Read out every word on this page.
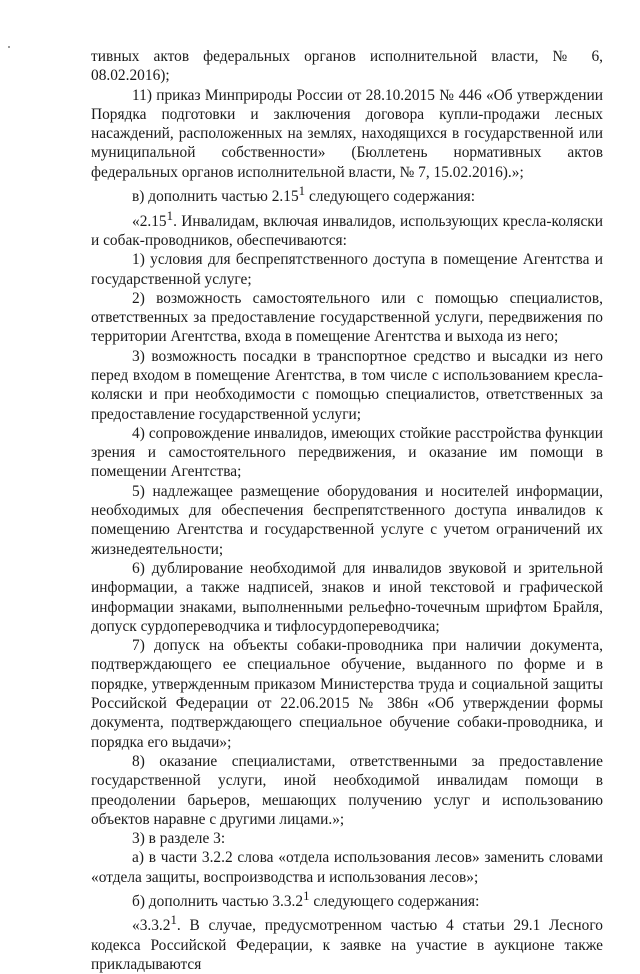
тивных актов федеральных органов исполнительной власти, № 6, 08.02.2016);

11) приказ Минприроды России от 28.10.2015 № 446 «Об утверждении Порядка подготовки и заключения договора купли-продажи лесных насаждений, расположенных на землях, находящихся в государственной или муниципальной собственности» (Бюллетень нормативных актов федеральных органов исполнительной власти, № 7, 15.02.2016).»;

в) дополнить частью 2.15$^1$ следующего содержания:

«2.15$^1$. Инвалидам, включая инвалидов, использующих кресла-коляски и собак-проводников, обеспечиваются:

1) условия для беспрепятственного доступа в помещение Агентства и государственной услуге;

2) возможность самостоятельного или с помощью специалистов, ответственных за предоставление государственной услуги, передвижения по территории Агентства, входа в помещение Агентства и выхода из него;

3) возможность посадки в транспортное средство и высадки из него перед входом в помещение Агентства, в том числе с использованием кресла-коляски и при необходимости с помощью специалистов, ответственных за предоставление государственной услуги;

4) сопровождение инвалидов, имеющих стойкие расстройства функции зрения и самостоятельного передвижения, и оказание им помощи в помещении Агентства;

5) надлежащее размещение оборудования и носителей информации, необходимых для обеспечения беспрепятственного доступа инвалидов к помещению Агентства и государственной услуге с учетом ограничений их жизнедеятельности;

6) дублирование необходимой для инвалидов звуковой и зрительной информации, а также надписей, знаков и иной текстовой и графической информации знаками, выполненными рельефно-точечным шрифтом Брайля, допуск сурдопереводчика и тифлосурдопереводчика;

7) допуск на объекты собаки-проводника при наличии документа, подтверждающего ее специальное обучение, выданного по форме и в порядке, утвержденным приказом Министерства труда и социальной защиты Российской Федерации от 22.06.2015 № 386н «Об утверждении формы документа, подтверждающего специальное обучение собаки-проводника, и порядка его выдачи»;

8) оказание специалистами, ответственными за предоставление государственной услуги, иной необходимой инвалидам помощи в преодолении барьеров, мешающих получению услуг и использованию объектов наравне с другими лицами.»;

3) в разделе 3:

а) в части 3.2.2 слова «отдела использования лесов» заменить словами «отдела защиты, воспроизводства и использования лесов»;

б) дополнить частью 3.3.2$^1$ следующего содержания:

«3.3.2$^1$. В случае, предусмотренном частью 4 статьи 29.1 Лесного кодекса Российской Федерации, к заявке на участие в аукционе также прикладываются
